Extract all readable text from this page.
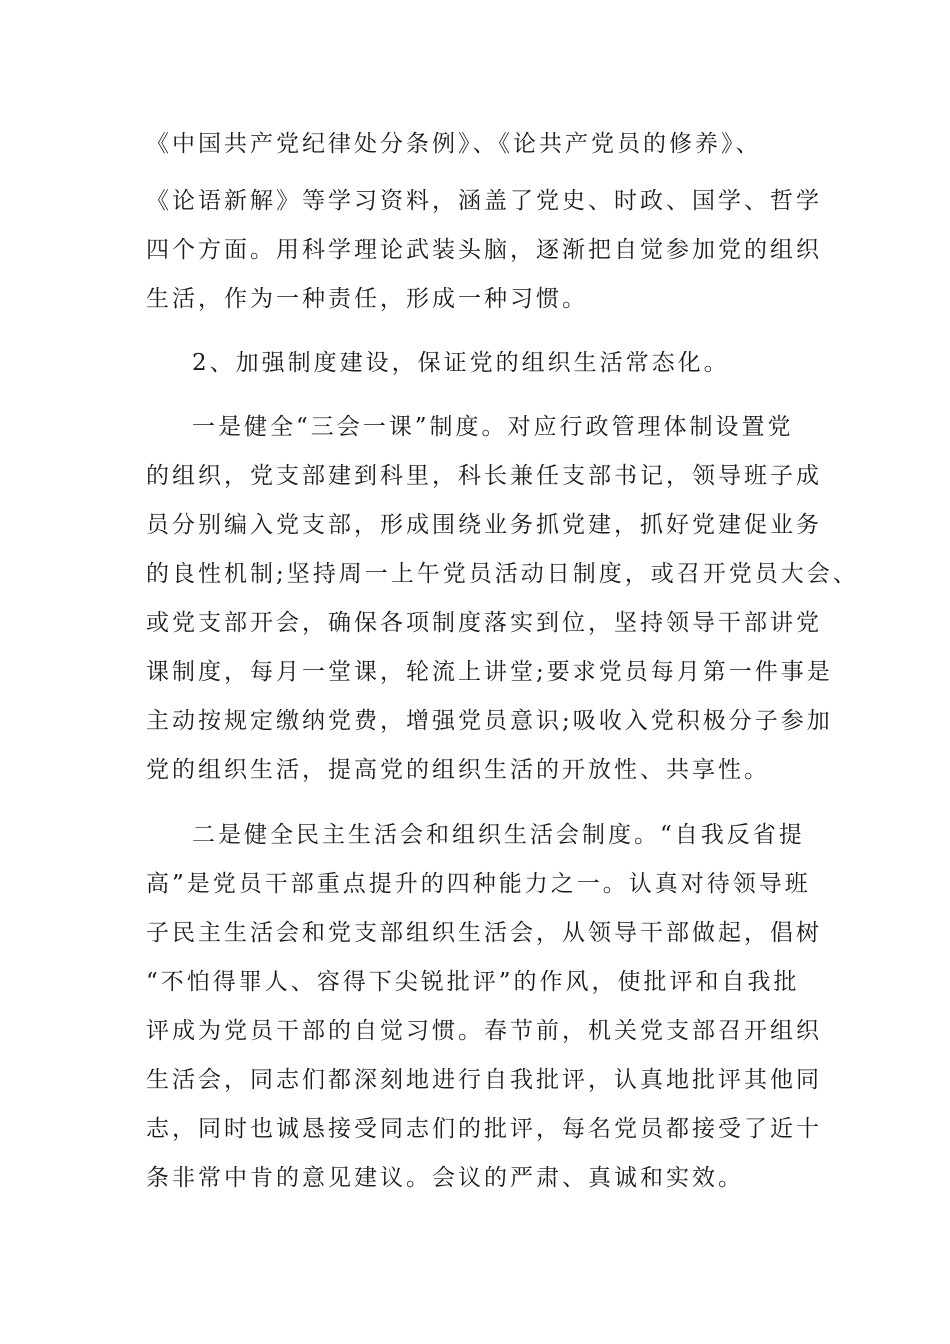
《中国共产党纪律处分条例》、《论共产党员的修养》、
《论语新解》等学习资料，涵盖了党史、时政、国学、哲学
四个方面。用科学理论武装头脑，逐渐把自觉参加党的组织
生活，作为一种责任，形成一种习惯。
2、加强制度建设，保证党的组织生活常态化。
一是健全“三会一课”制度。对应行政管理体制设置党
的组织，党支部建到科里，科长兼任支部书记，领导班子成
员分别编入党支部，形成围绕业务抓党建，抓好党建促业务
的良性机制;坚持周一上午党员活动日制度，或召开党员大会、
或党支部开会，确保各项制度落实到位，坚持领导干部讲党
课制度，每月一堂课，轮流上讲堂;要求党员每月第一件事是
主动按规定缴纳党费，增强党员意识;吸收入党积极分子参加
党的组织生活，提高党的组织生活的开放性、共享性。
二是健全民主生活会和组织生活会制度。“自我反省提
高”是党员干部重点提升的四种能力之一。认真对待领导班
子民主生活会和党支部组织生活会，从领导干部做起，倡树
“不怕得罪人、容得下尖锐批评”的作风，使批评和自我批
评成为党员干部的自觉习惯。春节前，机关党支部召开组织
生活会，同志们都深刻地进行自我批评，认真地批评其他同
志，同时也诚恳接受同志们的批评，每名党员都接受了近十
条非常中肯的意见建议。会议的严肃、真诚和实效。
